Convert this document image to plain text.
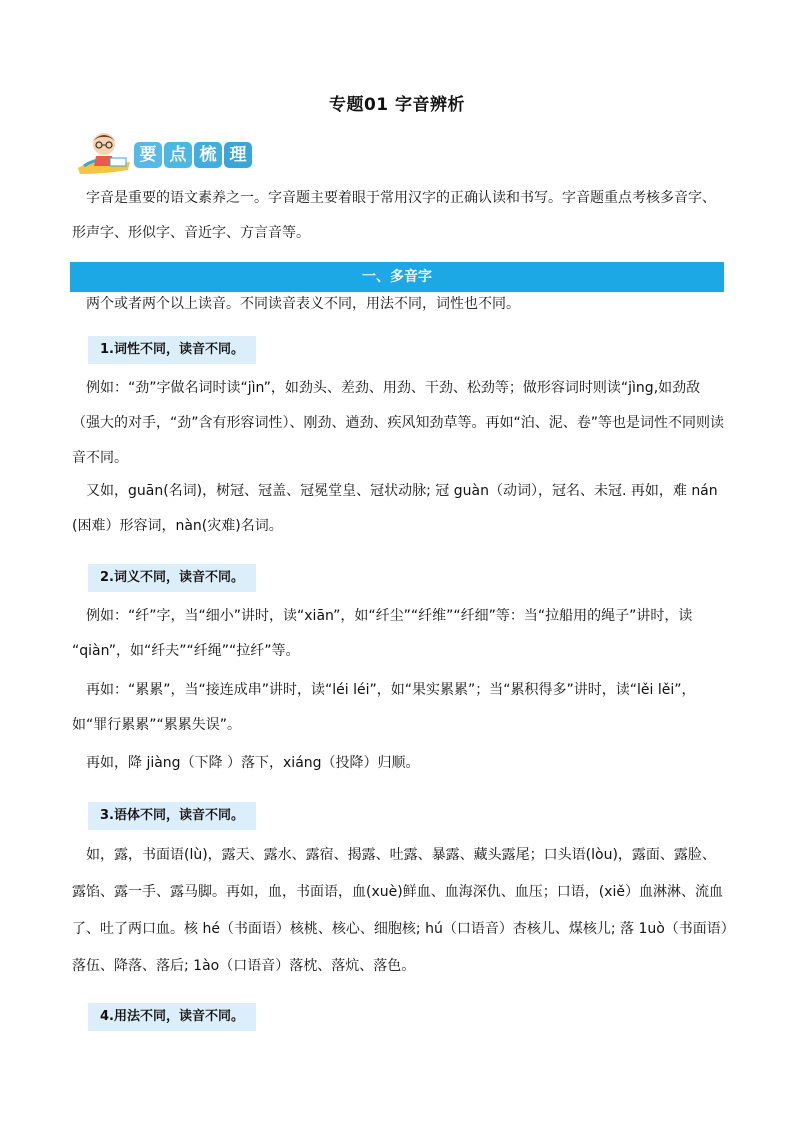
专题01 字音辨析
要 点 梳 理
字音是重要的语文素养之一。字音题主要着眼于常用汉字的正确认读和书写。字音题重点考核多音字、
形声字、形似字、音近字、方言音等。
一、多音字
两个或者两个以上读音。不同读音表义不同，用法不同，词性也不同。
1.词性不同，读音不同。
例如：“劲”字做名词时读“jìn”，如劲头、差劲、用劲、干劲、松劲等；做形容词时则读“jìng,如劲敌
（强大的对手，“劲”含有形容词性）、刚劲、遒劲、疾风知劲草等。再如“泊、泥、卷”等也是词性不同则读
音不同。
又如，guān(名词)，树冠、冠盖、冠冕堂皇、冠状动脉; 冠 guàn（动词），冠名、未冠. 再如，难 nán
(困难）形容词，nàn(灾难)名词。
2.词义不同，读音不同。
例如：“纤”字，当“细小”讲时，读“xiān”，如“纤尘”“纤维”“纤细”等：当“拉船用的绳子”讲时，读
“qiàn”，如“纤夫”“纤绳”“拉纤”等。
再如：“累累”，当“接连成串”讲时，读“léi léi”，如“果实累累”；当“累积得多”讲时，读“lěi lěi”，
如“罪行累累”“累累失误”。
再如，降 jiàng（下降 ）落下，xiáng（投降）归顺。
3.语体不同，读音不同。
如，露，书面语(lù)，露天、露水、露宿、揭露、吐露、暴露、藏头露尾；口头语(lòu)，露面、露脸、
露馅、露一手、露马脚。再如，血，书面语，血(xuè)鲜血、血海深仇、血压；口语，(xiě）血淋淋、流血
了、吐了两口血。核 hé（书面语）核桃、核心、细胞核; hú（口语音）杏核儿、煤核儿; 落 1uò（书面语）
落伍、降落、落后; 1ào（口语音）落枕、落炕、落色。
4.用法不同，读音不同。
